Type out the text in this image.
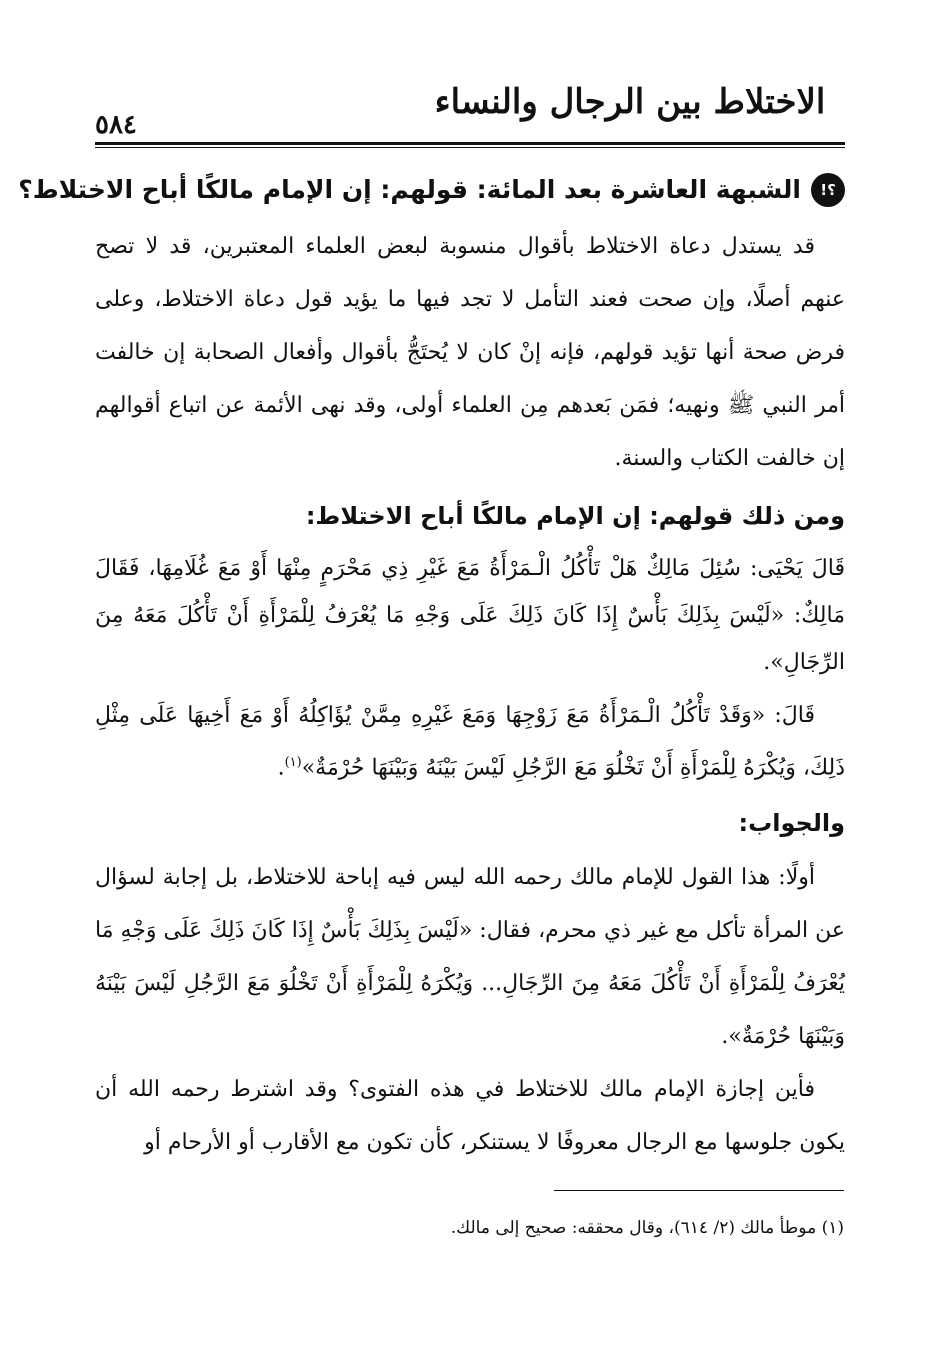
الاختلاط بين الرجال والنساء
٥٨٤
!؟
الشبهة العاشرة بعد المائة: قولهم: إن الإمام مالكًا أباح الاختلاط؟

قد يستدل دعاة الاختلاط بأقوال منسوبة لبعض العلماء المعتبرين، قد لا تصح عنهم أصلًا، وإن صحت فعند التأمل لا تجد فيها ما يؤيد قول دعاة الاختلاط، وعلى فرض صحة أنها تؤيد قولهم، فإنه إنْ كان لا يُحتَجُّ بأقوال وأفعال الصحابة إن خالفت أمر النبي ﷺ ونهيه؛ فمَن بَعدهم مِن العلماء أولى، وقد نهى الأئمة عن اتباع أقوالهم إن خالفت الكتاب والسنة.

ومن ذلك قولهم: إن الإمام مالكًا أباح الاختلاط:

قَالَ يَحْيَى: سُئِلَ مَالِكٌ هَلْ تَأْكُلُ الْـمَرْأَةُ مَعَ غَيْرِ ذِي مَحْرَمٍ مِنْهَا أَوْ مَعَ غُلَامِهَا، فَقَالَ مَالِكٌ: «لَيْسَ بِذَلِكَ بَأْسٌ إِذَا كَانَ ذَلِكَ عَلَى وَجْهِ مَا يُعْرَفُ لِلْمَرْأَةِ أَنْ تَأْكُلَ مَعَهُ مِنَ الرِّجَالِ».

قَالَ: «وَقَدْ تَأْكُلُ الْـمَرْأَةُ مَعَ زَوْجِهَا وَمَعَ غَيْرِهِ مِمَّنْ يُؤَاكِلُهُ أَوْ مَعَ أَخِيهَا عَلَى مِثْلِ ذَلِكَ، وَيُكْرَهُ لِلْمَرْأَةِ أَنْ تَخْلُوَ مَعَ الرَّجُلِ لَيْسَ بَيْنَهُ وَبَيْنَهَا حُرْمَةٌ»$^{(١)}$.

والجواب:

أولًا: هذا القول للإمام مالك رحمه الله ليس فيه إباحة للاختلاط، بل إجابة لسؤال عن المرأة تأكل مع غير ذي محرم، فقال: «لَيْسَ بِذَلِكَ بَأْسٌ إِذَا كَانَ ذَلِكَ عَلَى وَجْهِ مَا يُعْرَفُ لِلْمَرْأَةِ أَنْ تَأْكُلَ مَعَهُ مِنَ الرِّجَالِ... وَيُكْرَهُ لِلْمَرْأَةِ أَنْ تَخْلُوَ مَعَ الرَّجُلِ لَيْسَ بَيْنَهُ وَبَيْنَهَا حُرْمَةٌ».

فأين إجازة الإمام مالك للاختلاط في هذه الفتوى؟ وقد اشترط رحمه الله أن يكون جلوسها مع الرجال معروفًا لا يستنكر، كأن تكون مع الأقارب أو الأرحام أو

(١) موطأ مالك (٢/ ٦١٤)، وقال محققه: صحيح إلى مالك.
